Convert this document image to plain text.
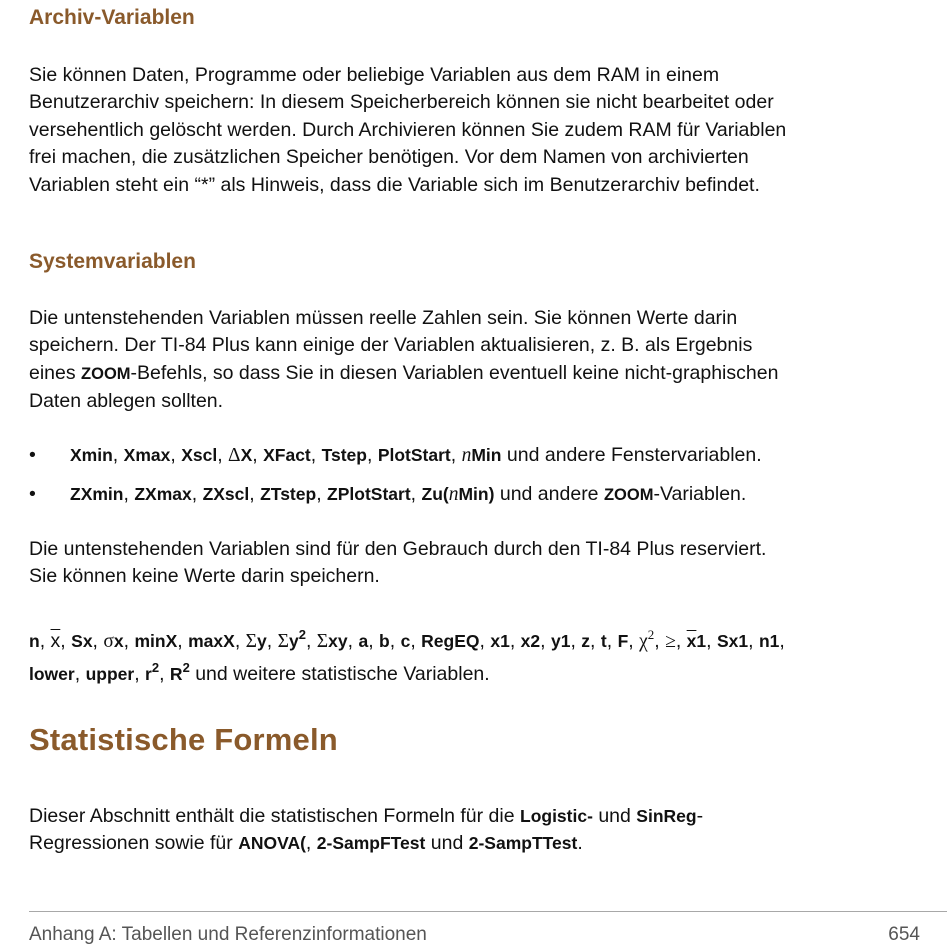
Archiv-Variablen

Sie können Daten, Programme oder beliebige Variablen aus dem RAM in einem
Benutzerarchiv speichern: In diesem Speicherbereich können sie nicht bearbeitet oder
versehentlich gelöscht werden. Durch Archivieren können Sie zudem RAM für Variablen
frei machen, die zusätzlichen Speicher benötigen. Vor dem Namen von archivierten
Variablen steht ein “*” als Hinweis, dass die Variable sich im Benutzerarchiv befindet.

Systemvariablen

Die untenstehenden Variablen müssen reelle Zahlen sein. Sie können Werte darin
speichern. Der TI-84 Plus kann einige der Variablen aktualisieren, z. B. als Ergebnis
eines ZOOM-Befehls, so dass Sie in diesen Variablen eventuell keine nicht-graphischen
Daten ablegen sollten.

• Xmin, Xmax, Xscl, ΔX, XFact, Tstep, PlotStart, nMin und andere Fenstervariablen.
• ZXmin, ZXmax, ZXscl, ZTstep, ZPlotStart, Zu(nMin) und andere ZOOM-Variablen.

Die untenstehenden Variablen sind für den Gebrauch durch den TI-84 Plus reserviert.
Sie können keine Werte darin speichern.

n, $\overline{x}$, Sx, σx, minX, maxX, Σy, $\Sigma y^2$, Σxy, a, b, c, RegEQ, x1, x2, y1, z, t, F, $\chi^2$, ≥, $\overline{x}1$, Sx1, n1,
lower, upper, $r^2$, $R^2$ und weitere statistische Variablen.

Statistische Formeln

Dieser Abschnitt enthält die statistischen Formeln für die Logistic- und SinReg-
Regressionen sowie für ANOVA(, 2-SampFTest und 2-SampTTest.

Anhang A: Tabellen und Referenzinformationen	654
